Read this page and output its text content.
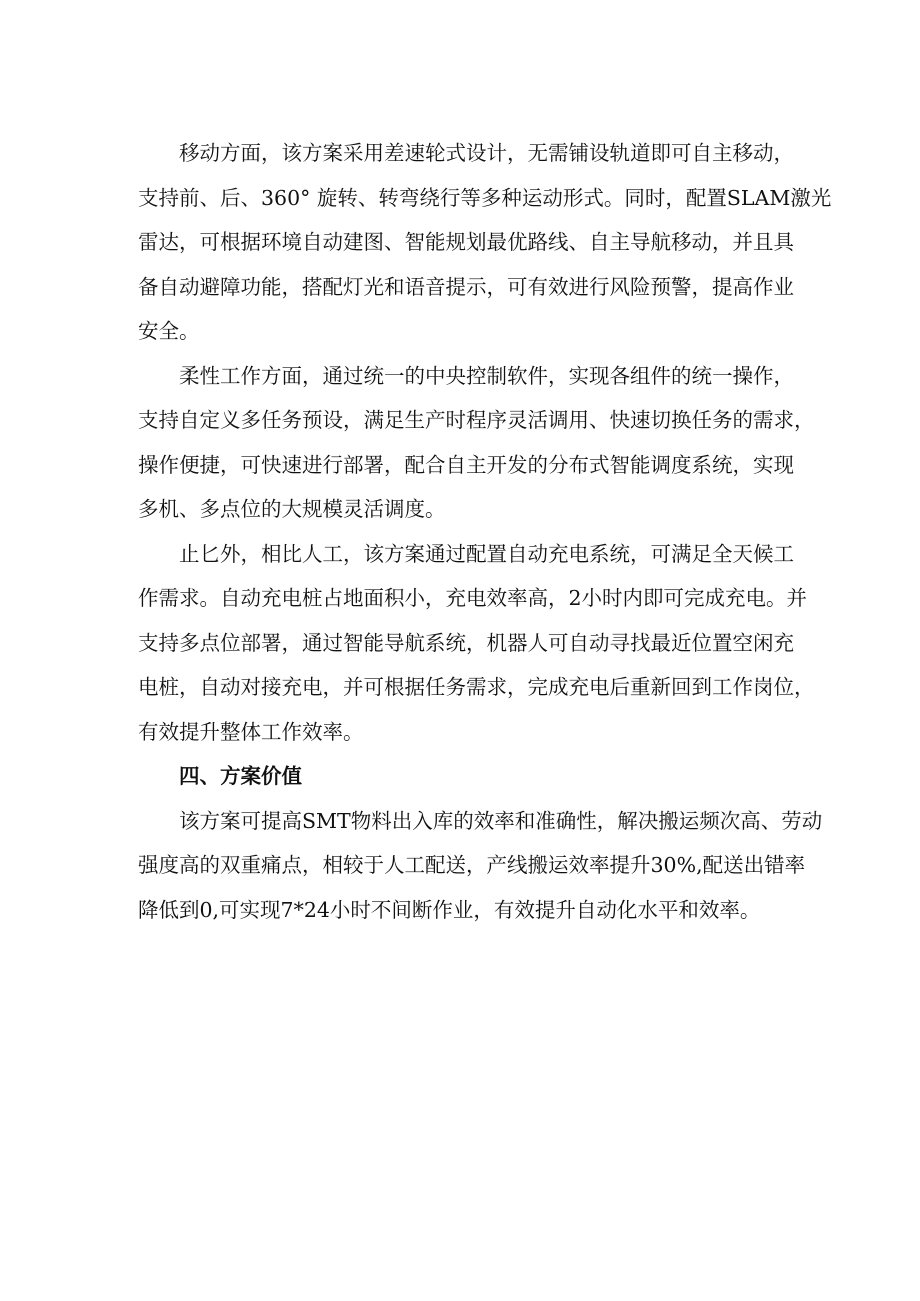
移动方面，该方案采用差速轮式设计，无需铺设轨道即可自主移动，
支持前、后、360° 旋转、转弯绕行等多种运动形式。同时，配置SLAM激光
雷达，可根据环境自动建图、智能规划最优路线、自主导航移动，并且具
备自动避障功能，搭配灯光和语音提示，可有效进行风险预警，提高作业
安全。
柔性工作方面，通过统一的中央控制软件，实现各组件的统一操作，
支持自定义多任务预设，满足生产时程序灵活调用、快速切换任务的需求，
操作便捷，可快速进行部署，配合自主开发的分布式智能调度系统，实现
多机、多点位的大规模灵活调度。
止匕外，相比人工，该方案通过配置自动充电系统，可满足全天候工
作需求。自动充电桩占地面积小，充电效率高，2小时内即可完成充电。并
支持多点位部署，通过智能导航系统，机器人可自动寻找最近位置空闲充
电桩，自动对接充电，并可根据任务需求，完成充电后重新回到工作岗位，
有效提升整体工作效率。
四、方案价值
该方案可提高SMT物料出入库的效率和准确性，解决搬运频次高、劳动
强度高的双重痛点，相较于人工配送，产线搬运效率提升30%,配送出错率
降低到0,可实现7*24小时不间断作业，有效提升自动化水平和效率。
